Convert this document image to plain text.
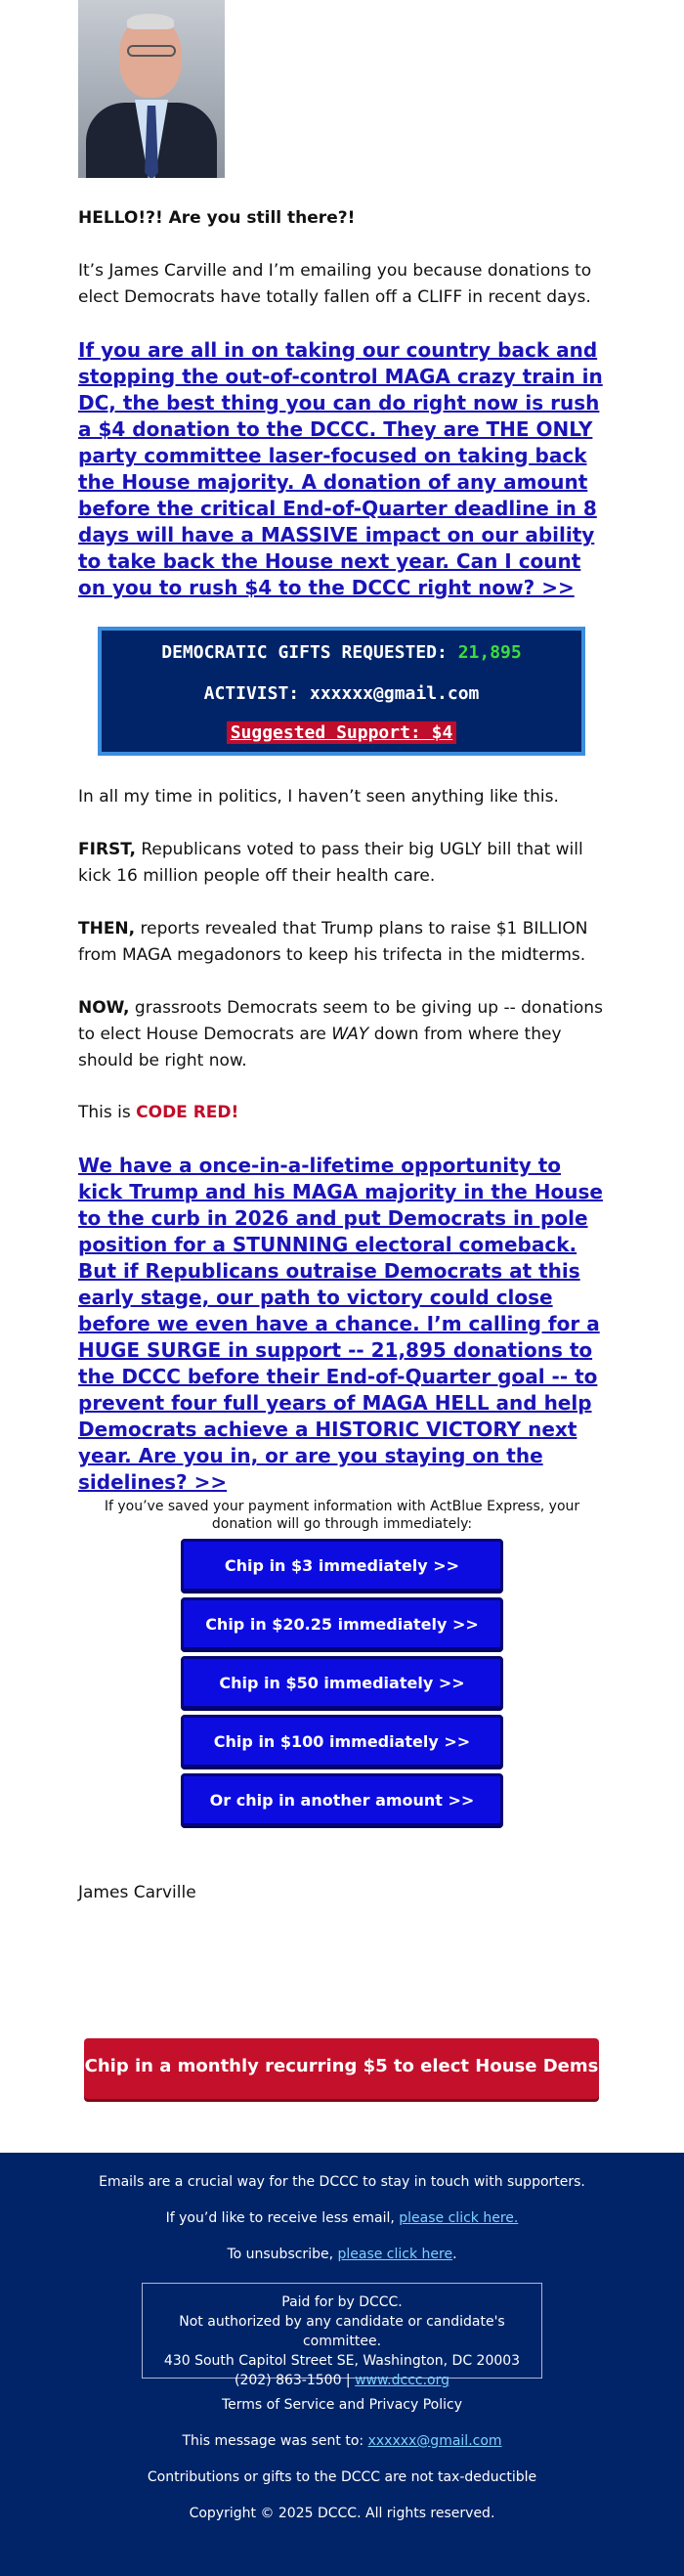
HELLO!?! Are you still there?!

It’s James Carville and I’m emailing you because donations to elect Democrats have totally fallen off a CLIFF in recent days.

If you are all in on taking our country back and stopping the out-of-control MAGA crazy train in DC, the best thing you can do right now is rush a $4 donation to the DCCC. They are THE ONLY party committee laser-focused on taking back the House majority. A donation of any amount before the critical End-of-Quarter deadline in 8 days will have a MASSIVE impact on our ability to take back the House next year. Can I count on you to rush $4 to the DCCC right now? >>
DEMOCRATIC GIFTS REQUESTED: 21,895
ACTIVIST: xxxxxx@gmail.com
Suggested Support: $4

In all my time in politics, I haven’t seen anything like this.

FIRST, Republicans voted to pass their big UGLY bill that will kick 16 million people off their health care.

THEN, reports revealed that Trump plans to raise $1 BILLION from MAGA megadonors to keep his trifecta in the midterms.

NOW, grassroots Democrats seem to be giving up -- donations to elect House Democrats are WAY down from where they should be right now.

This is CODE RED!

We have a once-in-a-lifetime opportunity to kick Trump and his MAGA majority in the House to the curb in 2026 and put Democrats in pole position for a STUNNING electoral comeback. But if Republicans outraise Democrats at this early stage, our path to victory could close before we even have a chance. I’m calling for a HUGE SURGE in support -- 21,895 donations to the DCCC before their End-of-Quarter goal -- to prevent four full years of MAGA HELL and help Democrats achieve a HISTORIC VICTORY next year. Are you in, or are you staying on the sidelines? >>
If you’ve saved your payment information with ActBlue Express, your donation will go through immediately:
Chip in $3 immediately >>
Chip in $20.25 immediately >>
Chip in $50 immediately >>
Chip in $100 immediately >>
Or chip in another amount >>

James Carville

Chip in a monthly recurring $5 to elect House Dems >>
Emails are a crucial way for the DCCC to stay in touch with supporters.
If you’d like to receive less email, please click here.
To unsubscribe, please click here.
Paid for by DCCC.
Not authorized by any candidate or candidate's committee.
430 South Capitol Street SE, Washington, DC 20003
(202) 863-1500 | www.dccc.org
Terms of Service and Privacy Policy
This message was sent to: xxxxxx@gmail.com
Contributions or gifts to the DCCC are not tax-deductible
Copyright © 2025 DCCC. All rights reserved.
